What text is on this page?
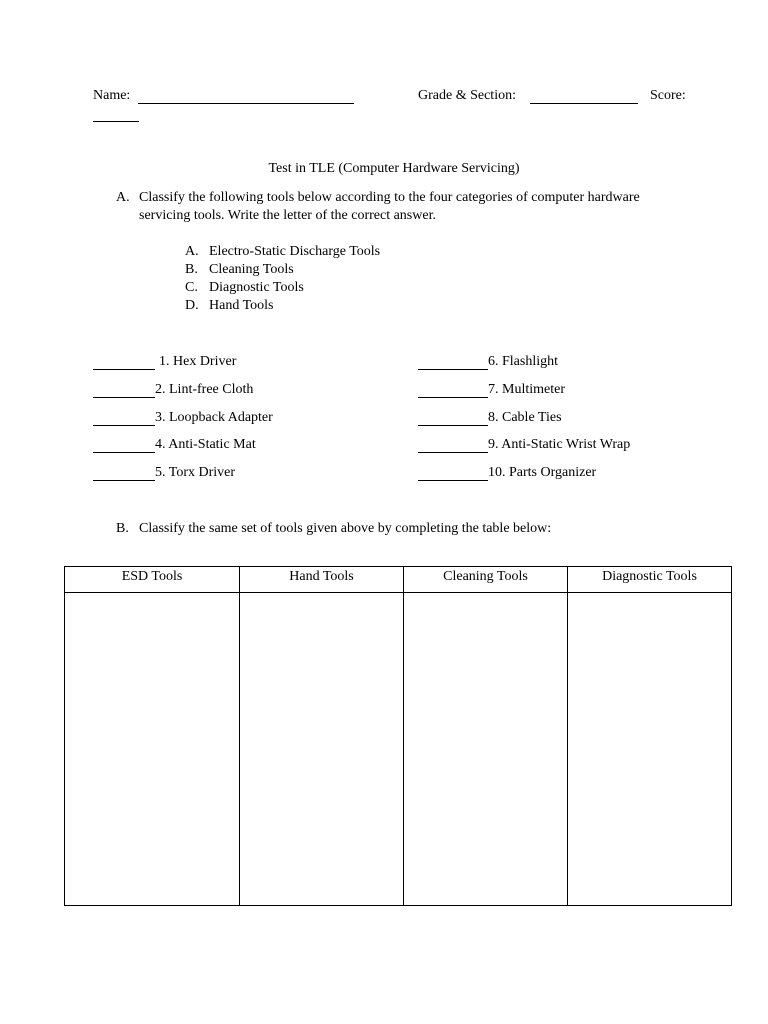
Name:	Grade & Section:	Score:
Test in TLE (Computer Hardware Servicing)
A. Classify the following tools below according to the four categories of computer hardware
servicing tools. Write the letter of the correct answer.
A. Electro-Static Discharge Tools
B. Cleaning Tools
C. Diagnostic Tools
D. Hand Tools
1. Hex Driver
2. Lint-free Cloth
3. Loopback Adapter
4. Anti-Static Mat
5. Torx Driver
6. Flashlight
7. Multimeter
8. Cable Ties
9. Anti-Static Wrist Wrap
10. Parts Organizer
B. Classify the same set of tools given above by completing the table below:
ESD Tools	Hand Tools	Cleaning Tools	Diagnostic Tools
